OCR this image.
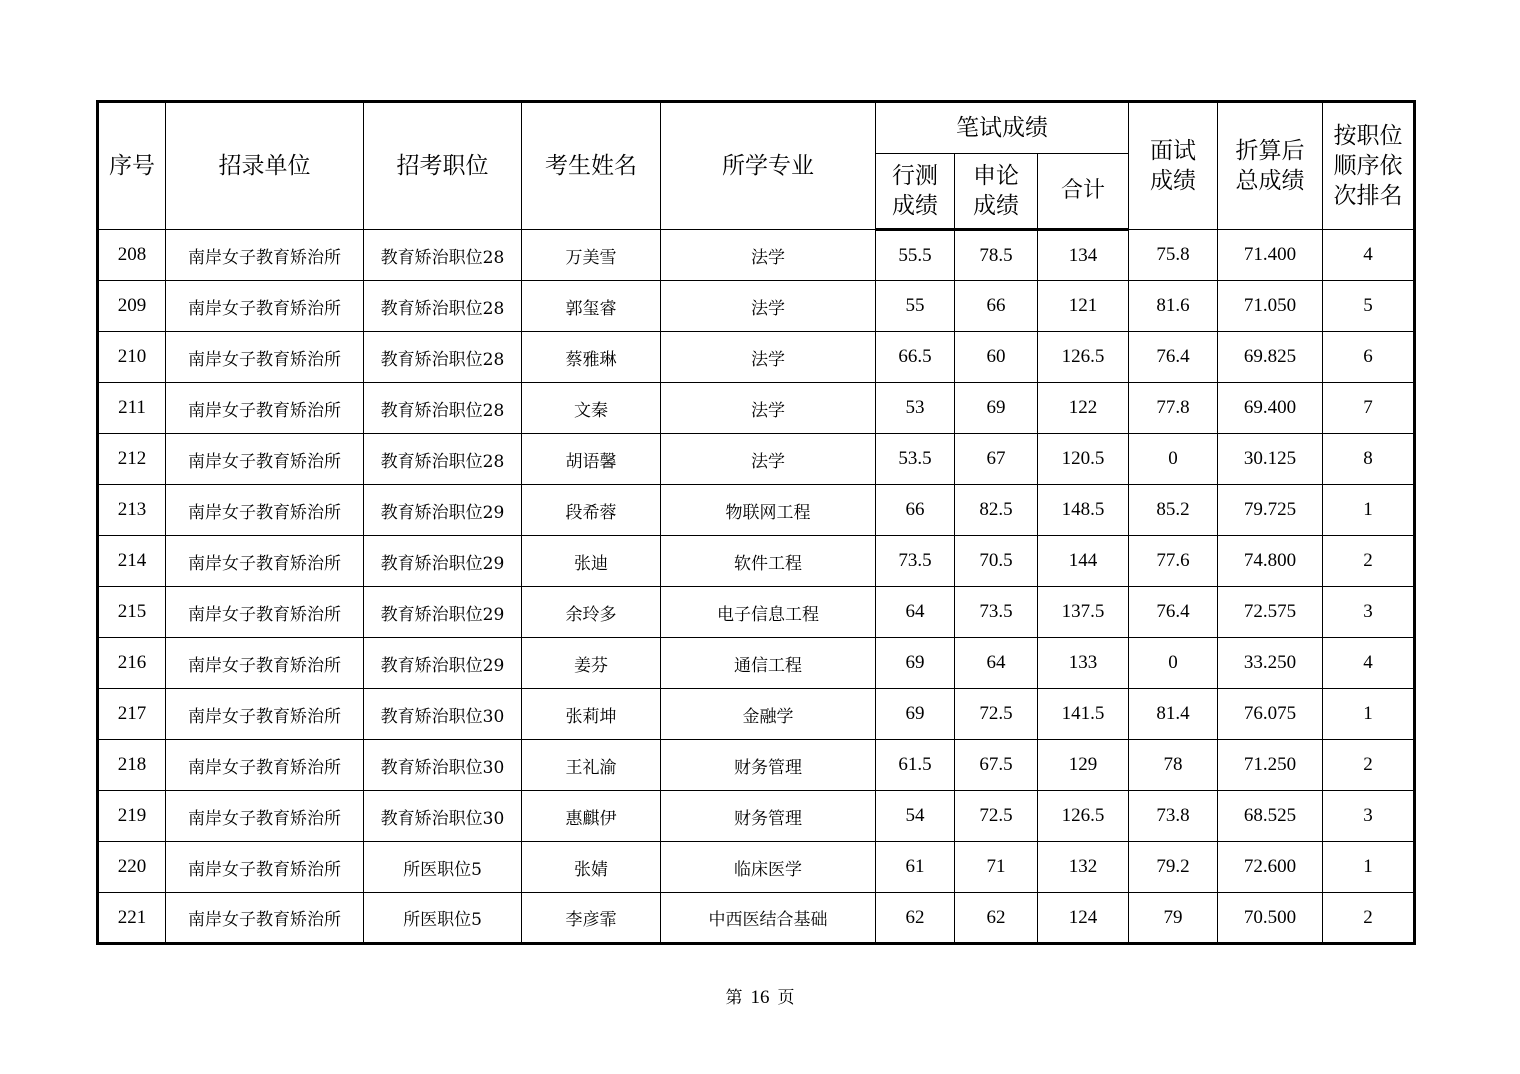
序号	招录单位	招考职位	考生姓名	所学专业	笔试成绩			面试成绩	折算后总成绩	按职位顺序依次排名
					行测成绩	申论成绩	合计			
208	南岸女子教育矫治所	教育矫治职位28	万美雪	法学	55.5	78.5	134	75.8	71.400	4
209	南岸女子教育矫治所	教育矫治职位28	郭玺睿	法学	55	66	121	81.6	71.050	5
210	南岸女子教育矫治所	教育矫治职位28	蔡雅琳	法学	66.5	60	126.5	76.4	69.825	6
211	南岸女子教育矫治所	教育矫治职位28	文秦	法学	53	69	122	77.8	69.400	7
212	南岸女子教育矫治所	教育矫治职位28	胡语馨	法学	53.5	67	120.5	0	30.125	8
213	南岸女子教育矫治所	教育矫治职位29	段希蓉	物联网工程	66	82.5	148.5	85.2	79.725	1
214	南岸女子教育矫治所	教育矫治职位29	张迪	软件工程	73.5	70.5	144	77.6	74.800	2
215	南岸女子教育矫治所	教育矫治职位29	余玲多	电子信息工程	64	73.5	137.5	76.4	72.575	3
216	南岸女子教育矫治所	教育矫治职位29	姜芬	通信工程	69	64	133	0	33.250	4
217	南岸女子教育矫治所	教育矫治职位30	张莉坤	金融学	69	72.5	141.5	81.4	76.075	1
218	南岸女子教育矫治所	教育矫治职位30	王礼渝	财务管理	61.5	67.5	129	78	71.250	2
219	南岸女子教育矫治所	教育矫治职位30	惠麒伊	财务管理	54	72.5	126.5	73.8	68.525	3
220	南岸女子教育矫治所	所医职位5	张婧	临床医学	61	71	132	79.2	72.600	1
221	南岸女子教育矫治所	所医职位5	李彦霏	中西医结合基础	62	62	124	79	70.500	2
第 16 页
